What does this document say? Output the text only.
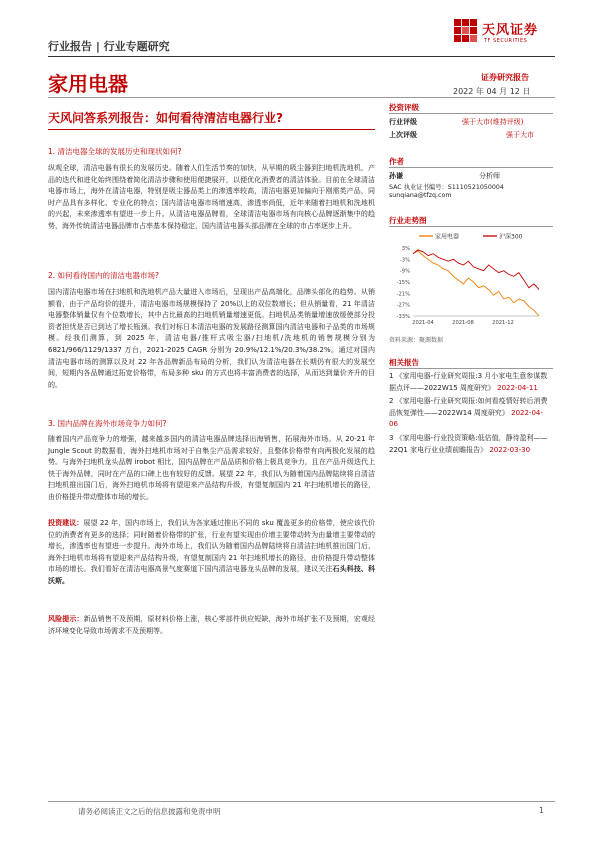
行业报告 | 行业专题研究
天风证券
TF SECURITIES
家用电器	证券研究报告
2022 年 04 月 12 日
天风问答系列报告：如何看待清洁电器行业?
1. 清洁电器全球的发展历史和现状如何?

纵观全球，清洁电器有很长的发展历史。随着人们生活节奏的加快，从早期的吸尘器到扫地机洗地机，产品的迭代和进化始终围绕着简化清洁步骤和使用便捷展开，以便优化消费者的清洁体验。目前在全球清洁电器市场上，海外在清洁电器，特别是吸尘器品类上的渗透率较高，清洁电器更加偏向于刚需类产品，同时产品具有多样化、专业化的特点；国内清洁电器市场增速高，渗透率尚低，近年来随着扫地机和洗地机的兴起，未来渗透率有望进一步上升。从清洁电器品牌看，全球清洁电器市场有向核心品牌逐渐集中的趋势，海外传统清洁电器品牌市占率基本保持稳定，国内清洁电器头部品牌在全球的市占率逐步上升。

2. 如何看待国内的清洁电器市场?

国内清洁电器市场在扫地机和洗地机产品大量进入市场后，呈现出产品高端化，品牌头部化的趋势。从销额看，由于产品均价的提升，清洁电器市场规模保持了 20%以上的双位数增长；但从销量看，21 年清洁电器整体销量仅有个位数增长，其中占比最高的扫地机销量增速更低。扫地机品类销量增速放缓使部分投资者担忧是否已到达了增长瓶颈。我们对标日本清洁电器的发展路径测算国内清洁电器和子品类的市场规模。经我们测算，到 2025 年，清洁电器/推杆式吸尘器/扫地机/洗地机的销售规模分别为 6821/966/1129/1337 万台，2021-2025 CAGR 分别为 20.9%/12.1%/20.3%/38.2%。通过对国内清洁电器市场的测算以及对 22 年各品牌新品布局的分析，我们认为清洁电器在长期仍有很大的发展空间，短期内各品牌通过拓宽价格带，布局多种 sku 的方式也将丰富消费者的选择，从而达到量价齐升的目的。

3. 国内品牌在海外市场竞争力如何?

随着国内产品竞争力的增强，越来越多国内的清洁电器品牌选择出海销售，拓展海外市场。从 20-21 年 Jungle Scout 的数据看，海外扫地机市场对于自集尘产品需求较好，且整体价格带有向两极化发展的趋势。与海外扫地机龙头品牌 irobot 相比，国内品牌在产品品质和价格上极具竞争力，且在产品升级迭代上快于海外品牌，同时在产品的口碑上也有较好的反馈。展望 22 年，我们认为随着国内品牌陆续将自清洁扫地机推出国门后，海外扫地机市场将有望迎来产品结构升级，有望复制国内 21 年扫地机增长的路径，由价格提升带动整体市场的增长。

投资建议：展望 22 年，国内市场上，我们认为各家通过推出不同的 sku 覆盖更多的价格带，使应该代价位的消费者有更多的选择；同时随着价格带的扩张，行业有望实现由价增主要带动转为由量增主要带动的增长，渗透率也有望进一步提升。海外市场上，我们认为随着国内品牌陆续将自清洁扫地机推出国门后，海外扫地机市场将有望迎来产品结构升级，有望复制国内 21 年扫地机增长的路径，由价格提升带动整体市场的增长。我们看好在清洁电器高景气度赛道下国内清洁电器龙头品牌的发展，建议关注石头科技、科沃斯。

风险提示：新品销售不及预期，原材料价格上涨，核心零部件供应短缺，海外市场扩张不及预期，宏观经济环境变化导致市场需求不及预期等。

投资评级
行业评级	强于大市(维持评级)
上次评级	强于大市
作者
孙谦	分析师
SAC 执业证书编号：S1110521050004
sunqiana@tfzq.com
行业走势图
家用电器	沪深300
3%
-3%
-9%
-15%
-21%
-27%
-33%
2021-04	2021-08	2021-12
资料来源：聚源数据
相关报告

1 《家用电器-行业研究周报:3 月小家电生意参谋数据点评——2022W15 周度研究》 2022-04-11

2 《家用电器-行业研究周报:如何看疫情好转后消费品恢复弹性——2022W14 周度研究》 2022-04-06

3 《家用电器-行业投资策略:低估值，静待盈利——22Q1 家电行业业绩前瞻报告》 2022-03-30

请务必阅读正文之后的信息披露和免责申明	1
